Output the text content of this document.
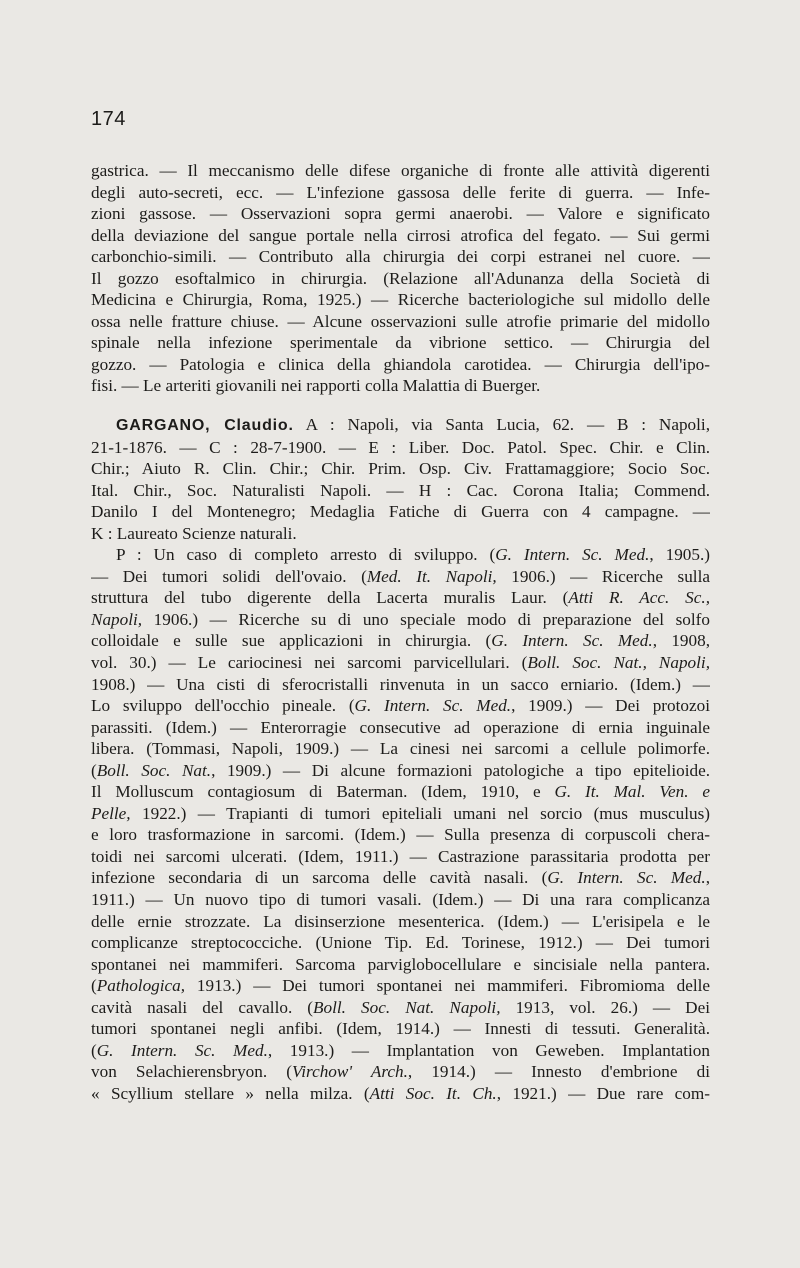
174
gastrica. — Il meccanismo delle difese organiche di fronte alle attività digerenti
degli auto-secreti, ecc. — L'infezione gassosa delle ferite di guerra. — Infe-
zioni gassose. — Osservazioni sopra germi anaerobi. — Valore e significato
della deviazione del sangue portale nella cirrosi atrofica del fegato. — Sui germi
carbonchio-simili. — Contributo alla chirurgia dei corpi estranei nel cuore. —
Il gozzo esoftalmico in chirurgia. (Relazione all'Adunanza della Società di
Medicina e Chirurgia, Roma, 1925.) — Ricerche bacteriologiche sul midollo delle
ossa nelle fratture chiuse. — Alcune osservazioni sulle atrofie primarie del midollo
spinale nella infezione sperimentale da vibrione settico. — Chirurgia del
gozzo. — Patologia e clinica della ghiandola carotidea. — Chirurgia dell'ipo-
fisi. — Le arteriti giovanili nei rapporti colla Malattia di Buerger.
GARGANO, Claudio. A : Napoli, via Santa Lucia, 62. — B : Napoli,
21-1-1876. — C : 28-7-1900. — E : Liber. Doc. Patol. Spec. Chir. e Clin.
Chir.; Aiuto R. Clin. Chir.; Chir. Prim. Osp. Civ. Frattamaggiore; Socio Soc.
Ital. Chir., Soc. Naturalisti Napoli. — H : Cac. Corona Italia; Commend.
Danilo I del Montenegro; Medaglia Fatiche di Guerra con 4 campagne. —
K : Laureato Scienze naturali.
P : Un caso di completo arresto di sviluppo. (G. Intern. Sc. Med., 1905.)
— Dei tumori solidi dell'ovaio. (Med. It. Napoli, 1906.) — Ricerche sulla
struttura del tubo digerente della Lacerta muralis Laur. (Atti R. Acc. Sc.,
Napoli, 1906.) — Ricerche su di uno speciale modo di preparazione del solfo
colloidale e sulle sue applicazioni in chirurgia. (G. Intern. Sc. Med., 1908,
vol. 30.) — Le cariocinesi nei sarcomi parvicellulari. (Boll. Soc. Nat., Napoli,
1908.) — Una cisti di sferocristalli rinvenuta in un sacco erniario. (Idem.) —
Lo sviluppo dell'occhio pineale. (G. Intern. Sc. Med., 1909.) — Dei protozoi
parassiti. (Idem.) — Enterorragie consecutive ad operazione di ernia inguinale
libera. (Tommasi, Napoli, 1909.) — La cinesi nei sarcomi a cellule polimorfe.
(Boll. Soc. Nat., 1909.) — Di alcune formazioni patologiche a tipo epitelioide.
Il Molluscum contagiosum di Baterman. (Idem, 1910, e G. It. Mal. Ven. e
Pelle, 1922.) — Trapianti di tumori epiteliali umani nel sorcio (mus musculus)
e loro trasformazione in sarcomi. (Idem.) — Sulla presenza di corpuscoli chera-
toidi nei sarcomi ulcerati. (Idem, 1911.) — Castrazione parassitaria prodotta per
infezione secondaria di un sarcoma delle cavità nasali. (G. Intern. Sc. Med.,
1911.) — Un nuovo tipo di tumori vasali. (Idem.) — Di una rara complicanza
delle ernie strozzate. La disinserzione mesenterica. (Idem.) — L'erisipela e le
complicanze streptococciche. (Unione Tip. Ed. Torinese, 1912.) — Dei tumori
spontanei nei mammiferi. Sarcoma parviglobocellulare e sincisiale nella pantera.
(Pathologica, 1913.) — Dei tumori spontanei nei mammiferi. Fibromioma delle
cavità nasali del cavallo. (Boll. Soc. Nat. Napoli, 1913, vol. 26.) — Dei
tumori spontanei negli anfibi. (Idem, 1914.) — Innesti di tessuti. Generalità.
(G. Intern. Sc. Med., 1913.) — Implantation von Geweben. Implantation
von Selachierensbryon. (Virchow' Arch., 1914.) — Innesto d'embrione di
« Scyllium stellare » nella milza. (Atti Soc. It. Ch., 1921.) — Due rare com-
